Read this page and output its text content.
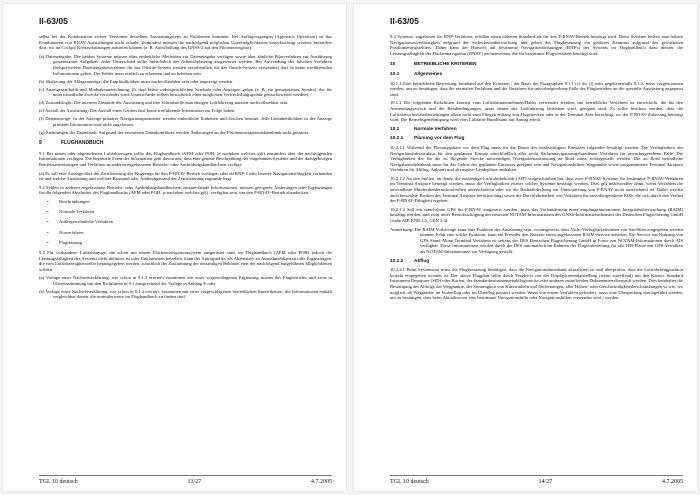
II-63/05

selbst bei der Kombination zweier Versionen desselben Ausstattungstyps zu Problemen kommen. Bei Anflugvorgängen (Approach Operation) ist das Kombinieren von RNAV-Ausstattungen nicht erlaubt. Zumindest müssen die nachfolgend möglichen Unverträglichkeiten berücksichtigt werden, besonders dort, wo im Cockpit Kreuzschaltungen auftreten können (z. B. Aufschaltung des GNSS-2 auf den Pilotennavigator):

(a) Dateneingabe: Die beiden Systeme müssen über einheitliche Methoden zur Dateneingabe verfügen sowie über ähnliche Pilotverfahren zur Ausführung gemeinsamer Aufgaben. Jeder Unterschied sollte hinsichtlich der Arbeitsbelastung ausgewertet werden. Bei Anwendung der falschen Verfahren (beispielsweise Dateneingabeverfahren für das Offside-System werden versehentlich für das Onside-System verwendet) darf es keine irreführenden Informationen geben. Der Fehler muss einfach zu erkennen und zu beheben sein.
(b) Skalierung der Ablageanzeige: die Empfindlichkeit muss nachvollziehbar sein oder angezeigt werden.
(c) Anzeigesymbolik und Moduskennzeichnung: Es darf keine widersprüchlichen Symbole oder Anzeigen geben (z. B. ein gemeinsames Symbol, das für unterschiedliche Zwecke verwendet wird; Unterschiede sollten hinsichtlich einer möglichen Verwechslungsgefahr genau bewertet werden).
(d) Zustandslogik: Die internen Zustände der Ausrüstung und ihre Schnittstelle zum übrigen Luftfahrzeug müssen nachvollziehbar sein.
(e) Ausfall der Ausrüstung: Der Ausfall eines Gerätes darf keine irreführende Information zur Folge haben.
(f) Datenanzeige: In der Anzeige primärer Navigationsparameter werden einheitliche Einheiten und Zeichen benutzt. Jede Uneinheitlichkeit in der Anzeige primärer Information wird nicht zugelassen.
(g) Änderungen der Datenbank: Aufgrund des erwarteten Datenkonfliktes werden Änderungen an der Flächennavigationsdatenbank nicht gestattet.
9	FLUGHANDBUCH

9.1 Bei neuen oder abgeänderten Luftfahrzeugen sollte das Flughandbuch (AFM oder POH, je nachdem welches gilt) zumindest über die nachfolgenden Informationen verfügen. Die begrenzte Form der Information geht davon aus, dass eine genaue Beschreibung der eingebauten Systeme und der dazugehörigen Betriebsanweisungen und Verfahren in anderen zugelassenen Betriebs- oder Ausbildungshandbüchern verfügt:

(a) Es soll eine Aussage über die Zertifizierung des Flugzeugs für den P-RNAV-Betrieb vorliegen oder ob RNP-1 oder bessere Navigationsfähigkeit vorhanden ist und welche Ausrüstung und welcher Baustand oder Änderungsstand der Zertifizierung zugrunde liegt.

9.2 Fehlen in anderen zugelassenen Betriebs- oder Ausbildungshandbüchern entsprechende Informationen, müssen geeignete Änderungen oder Ergänzungen für die folgenden Abschnitte des Flughandbuchs (AFM oder POH, je nachdem welches gilt), verfügbar sein, um den P-RNAV-Betrieb abzudecken.

• Beschränkungen
• Normale Verfahren
• Außergewöhnliche Verfahren
• Notverfahren
• Flugleistung

9.3 Für vorhandene Luftfahrzeuge, die schon mit einem Flächennavigationssystem ausgerüstet sind, im Flughandbuch (AFM oder POH) jedoch die Leistungsfähigkeit des Systems nicht definiert ist oder Unklarheiten bestehen, kann der Antragsteller, als Alternative zu Ausnahmebilanzen oder Ergänzungen, die vom Luftfahrzeughersteller herausgegeben werden, schriftlich der Zustimmung der zuständigen Behörde, eine der nachfolgend aufgeführten Möglichkeiten wählen:

(a) Vorlage einer Nachweiserklärung, wie schon in 8.1.2 erörtert, zusammen mit einer vorgeschlagenen Ergänzung seitens des Flugbetriebs, und zwar in Übereinstimmung mit den Richtlinien in 9.1 entsprechend der Vorlage in Anhang E oder
(b) Vorlage einer Nachweiserklärung, wie schon in 8.1.2 erörtert, zusammen mit einer vorgeschlagenen betrieblichen Spezifikation, die Informationen enthält vergleichbar denen, die normalerweise im Flughandbuch zu finden sind.
TGL 10 deutsch	13/27	4.7.2005
II-63/05

9.4 Systeme, zugelassen für RNP-Verfahren, erfüllen einen höheren Standard als für den P-RNAV-Betrieb benötigt wird. Diese Systeme liefern eine höhere Navigationszuverlässigkeit aufgrund der Sicherheitsüberwachung und geben der Flugbesatzung ein größeres Kenntnis aufgrund des geschätzten Positionierungsfehlers. Daher kann der Hinweis auf bestimmte Navigationsleistungen (RNP's) des Systems im Flughandbuch dazu dienen, die Leistungsfähigkeit der Flächennavigation (RNAV) nachzuweisen, die für bestimmte Flugverfahren benötigt wird.

10	BETRIEBLICHE KRITERIEN
10.1	Allgemeines

10.1.1 Eine betriebliche Bewertung, beinhand auf den Kriterien / der Basis der Paragraphen 8.1.1 (c) bis (f) oder gegebenenfalls 8.1.2, muss vorgenommen werden, um zu bestätigen, dass die normalen Verfahren und die Verfahren für unvorhergesehene Fälle des Flugbetriebes an die spezielle Ausrüstung angepasst sind.

10.1.2 Die folgenden Richtlinien können vom Luftfahrtunternehmen/Halter verwendet werden, um betriebliche Verfahren zu entwickeln, die für den Anwendungszweck und die Randbedingungen, unter denen das Luftfahrzeug betrieben wird, geeignet sind. Es sollte beachtet werden, dass die Luftfahrtsicherheitsbeziehungen allein nicht zum Fliegen entlang von Flugstrecken oder in der Terminal Area berechtigt; wo der P-RNAV-Zulassung benötigt wird. Die Betriebsgenehmigung wird vom Luftfahrt-Bundesamt auf Antrag erteilt.

10.2	Normale Verfahren
10.2.1 Planung vor dem Flug

10.2.1.1 Während der Planungsphase vor dem Flug muss für die Dauer des beabsichtigten Einsatzes folgendes bestätigt werden: Die Verfügbarkeit der Navigationsinfrastruktur für den geplanten Einsatz einschließlich aller nicht flächennavigationsgebundenen Verfahren für unvorhergesehene Fälle. Die Verfügbarkeit der für die zu fliegende Strecke notwendigen Navigationsausrüstung an Bord muss sichergestellt werden. Die an Bord befindliche Navigationsdatenbank muss für das Gebiet des geplanten Einsatzes geeignet sein und Navigationshilfen, Wegpunkte sowie programmierte Terminal Airspace Verfahren für Abflug, Ankunft und alternative Landeplätze enthalten.

10.2.1.2 An den Stellen, an denen die zuständige Luftfahrtbehörde (AIP) vorgeschrieben hat, dass zwei P-RNAV-Systeme für bestimmte P-RNAV-Verfahren im Terminal Airspace benötigt werden, muss die Verfügbarkeit zweier solcher Systeme bestätigt werden. Dies gilt insbesondere dann, wenn Verfahren die anwendbare Mindesthinderniskonfreiheit unterschreiten oder wo die Radarabdeckung zur Unterstützung von P-RNAV nicht ausreichend ist. Dabei werden auch besondere Risiken des Terminal Airspace berücksichtigt sowie die Durchführbarkeit von Verfahren für unvorhergesehene Fälle, die sich durch den Verlust der P-RNAV-Fähigkeit ergeben.

10.2.1.3 Soll ein stand-alone GPS für P-RNAV eingesetzt werden, muss das Vorhandensein einer empfängerautonomen Integritätsüberwachung (RAIM) bestätigt werden, und zwar unter Berücksichtigung der neuesten NOTAM-Informationen des GNSS-Informationsdienstes der Deutschen Flugsicherung GmbH (siehe AIP, ENR 1.5, GEN 3.4).

Anmerkung: Die RAIM Vorhersage kann eine Funktion der Ausrüstung sein, vorausgesetzt, dass Nicht-Verfügbarkeitsdaten von Satelliten eingegeben werden können. Fehlt eine solche Funktion, kann ein Provider den Nutzern einen zugelassenen RAIM-Service anbieten. Ein Service zur Nutzung von GPS Stand Alone Terminal Verfahren ist seitens der DFS Deutschen Flugsicherung GmbH in Form von NOTAM-Informationen durch AIS verfügbar. Diese Informationen werden durch die DFS automatisch im Rahmen der Flugvorbereitung für alle IFR-Plätze mit GPS-Verfahren als NOTAM-Informationen zur Verfügung gestellt.

10.2.2 Abflug

10.2.2.1 Beim Systemstart muss die Flugbesatzung bestätigen, dass die Navigationsdatenbank aktualisiert ist und überprüfen, dass die Luftfahrzeugposition korrekt eingegeben worden ist. Der aktive Flugplan sollte durch Vergleich von der Displaykartendarstellung (wenn zutreffend) mit den Karten, Standard Instrument Departure (SID) oder Karten, der Standardinstrumentenabflugstrecke oder anderen zutreffenden Dokumenten überprüft werden. Dies beinhaltet die Bestätigung der Abfolge der Wegpunkte, der Stimmigkeit von Kurswinkeln und Entfernungen, aller Höhen- oder Geschwindigkeitsbeschränkungen so wie, wo möglich, ob Wegpunkte im Vorbeiflug oder im Überflug passiert werden. Wenn von einem Verfahren gefordert, muss eine Überprüfung durchgeführt werden, um zu bestätigen, dass beim Aktualisieren eine bestimmte Navigationshilfe oder Navigationshilfen verwendet wird / werden.

TGL 10 deutsch	14/27	4.7.2005
